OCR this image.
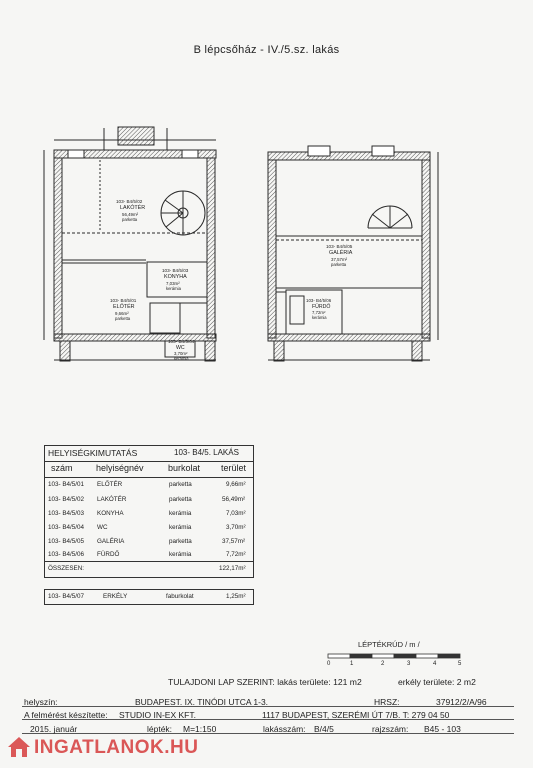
B lépcsőház - IV./5.sz. lakás
103- B4/5/02
LAKÓTÉR
56,49m²
parketta
103- B4/5/03
KONYHA
7,03m²
kerámia
103- B4/5/01
ELŐTÉR
9,66m²
parketta
103- B4/5/04
WC
3,70m²
kerámia
103- B4/5/05
GALÉRIA
37,57m²
parketta
103- B4/5/06
FÜRDŐ
7,72m²
kerámia
HELYISÉGKIMUTATÁS	103- B4/5. LAKÁS
szám	helyiségnév	burkolat terület
103- B4/5/01 ELŐTÉR	parketta	9,66m²
103- B4/5/02 LAKÓTÉR	parketta	56,49m²
103- B4/5/03 KONYHA	kerámia	7,03m²
103- B4/5/04 WC	kerámia	3,70m²
103- B4/5/05 GALÉRIA	parketta	37,57m²
103- B4/5/06 FÜRDŐ	kerámia	7,72m²
ÖSSZESEN:	122,17m²
103- B4/5/07	ERKÉLY	faburkolat	1,25m²
LÉPTÉKRÚD / m /
0	1	2	3	4	5
TULAJDONI LAP SZERINT: lakás területe: 121 m2	erkély területe: 2 m2
helyszín:	BUDAPEST. IX. TINÓDI UTCA 1-3.	HRSZ:	37912/2/A/96
A felmérést készítette: STUDIO IN-EX KFT.	1117 BUDAPEST, SZERÉMI ÚT 7/B. T: 279 04 50
2015. január	lépték: M=1:150	lakásszám: B/4/5	rajzszám: B45 - 103
INGATLANOK.HU
